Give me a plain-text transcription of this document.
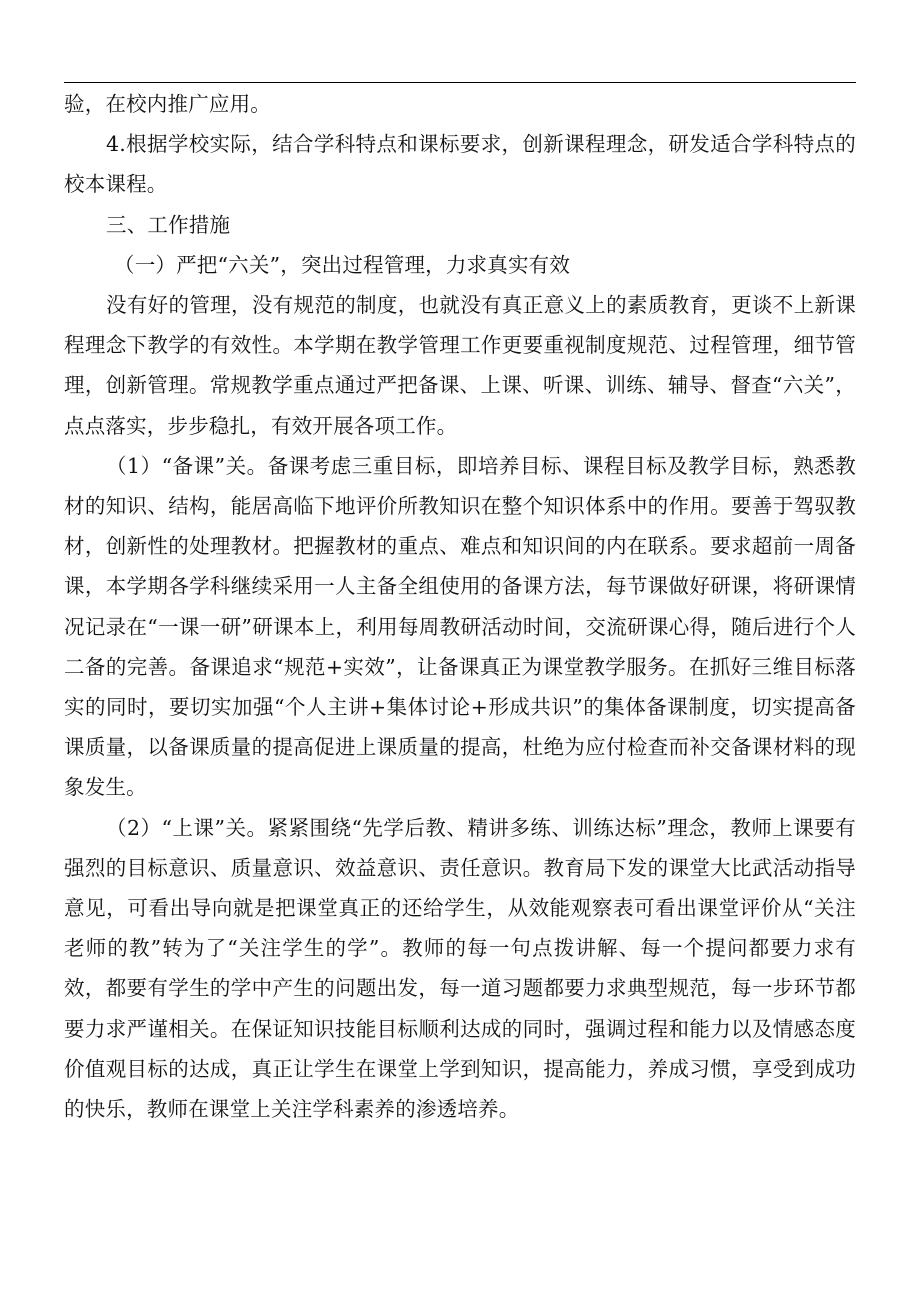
验，在校内推广应用。

4.根据学校实际，结合学科特点和课标要求，创新课程理念，研发适合学科特点的校本课程。

三、工作措施

（一）严把“六关”，突出过程管理，力求真实有效

没有好的管理，没有规范的制度，也就没有真正意义上的素质教育，更谈不上新课程理念下教学的有效性。本学期在教学管理工作更要重视制度规范、过程管理，细节管理，创新管理。常规教学重点通过严把备课、上课、听课、训练、辅导、督查“六关”，点点落实，步步稳扎，有效开展各项工作。

（1）“备课”关。备课考虑三重目标，即培养目标、课程目标及教学目标，熟悉教材的知识、结构，能居高临下地评价所教知识在整个知识体系中的作用。要善于驾驭教材，创新性的处理教材。把握教材的重点、难点和知识间的内在联系。要求超前一周备课，本学期各学科继续采用一人主备全组使用的备课方法，每节课做好研课，将研课情况记录在“一课一研”研课本上，利用每周教研活动时间，交流研课心得，随后进行个人二备的完善。备课追求“规范+实效”，让备课真正为课堂教学服务。在抓好三维目标落实的同时，要切实加强“个人主讲+集体讨论+形成共识”的集体备课制度，切实提高备课质量，以备课质量的提高促进上课质量的提高，杜绝为应付检查而补交备课材料的现象发生。

（2）“上课”关。紧紧围绕“先学后教、精讲多练、训练达标”理念，教师上课要有强烈的目标意识、质量意识、效益意识、责任意识。教育局下发的课堂大比武活动指导意见，可看出导向就是把课堂真正的还给学生，从效能观察表可看出课堂评价从“关注老师的教”转为了“关注学生的学”。教师的每一句点拨讲解、每一个提问都要力求有效，都要有学生的学中产生的问题出发，每一道习题都要力求典型规范，每一步环节都要力求严谨相关。在保证知识技能目标顺利达成的同时，强调过程和能力以及情感态度价值观目标的达成，真正让学生在课堂上学到知识，提高能力，养成习惯，享受到成功的快乐，教师在课堂上关注学科素养的渗透培养。
